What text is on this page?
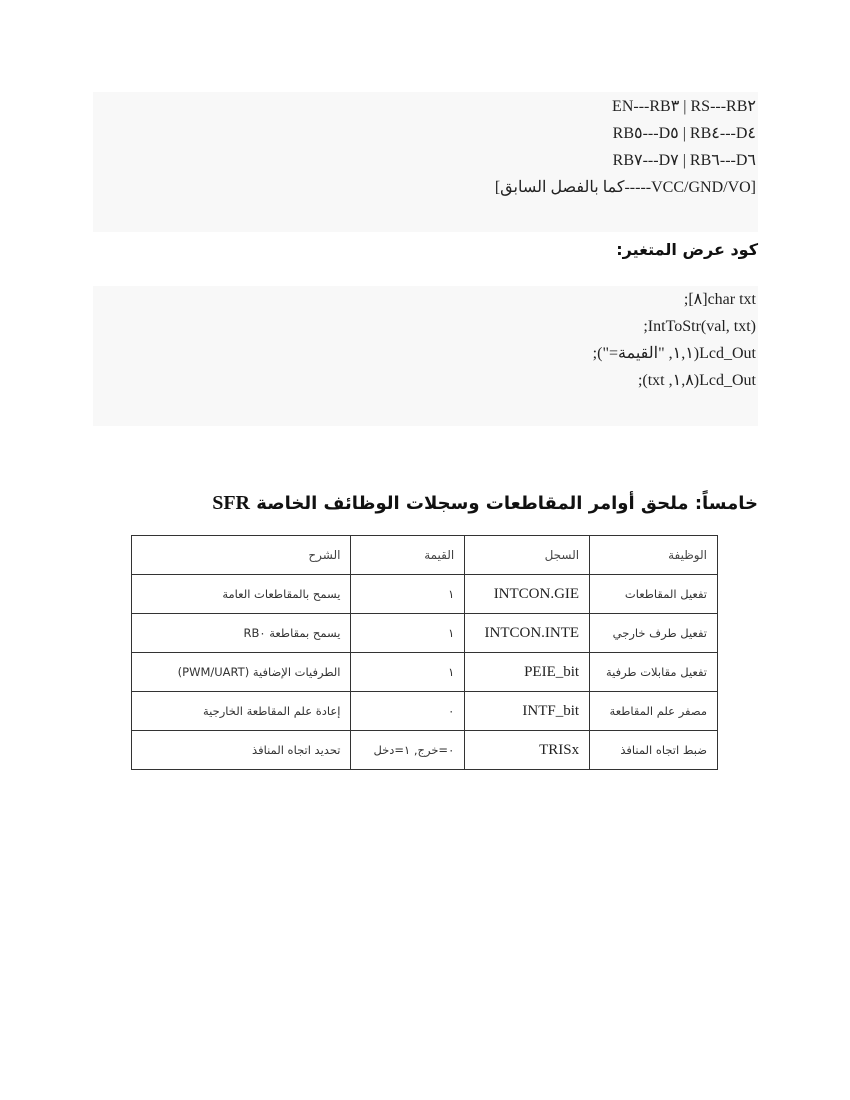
RS---RB٢ | EN---RB٣
D٤---RB٤ | D٥---RB٥
D٦---RB٦ | D٧---RB٧
[VCC/GND/VO-----كما بالفصل السابق]
كود عرض المتغير:
char txt[٨];
IntToStr(val, txt);
Lcd_Out(١,١, "القيمة=");
Lcd_Out(١,٨, txt);
خامساً: ملحق أوامر المقاطعات وسجلات الوظائف الخاصة SFR
الوظيفة	السجل	القيمة	الشرح
تفعيل المقاطعات	INTCON.GIE	١	يسمح بالمقاطعات العامة
تفعيل طرف خارجي	INTCON.INTE	١	يسمح بمقاطعة RB٠
تفعيل مقابلات طرفية	PEIE_bit	١	الطرفيات الإضافية (PWM/UART)
مصفر علم المقاطعة	INTF_bit	٠	إعادة علم المقاطعة الخارجية
ضبط اتجاه المنافذ	TRISx	٠=خرج, ١=دخل	تحديد اتجاه المنافذ
